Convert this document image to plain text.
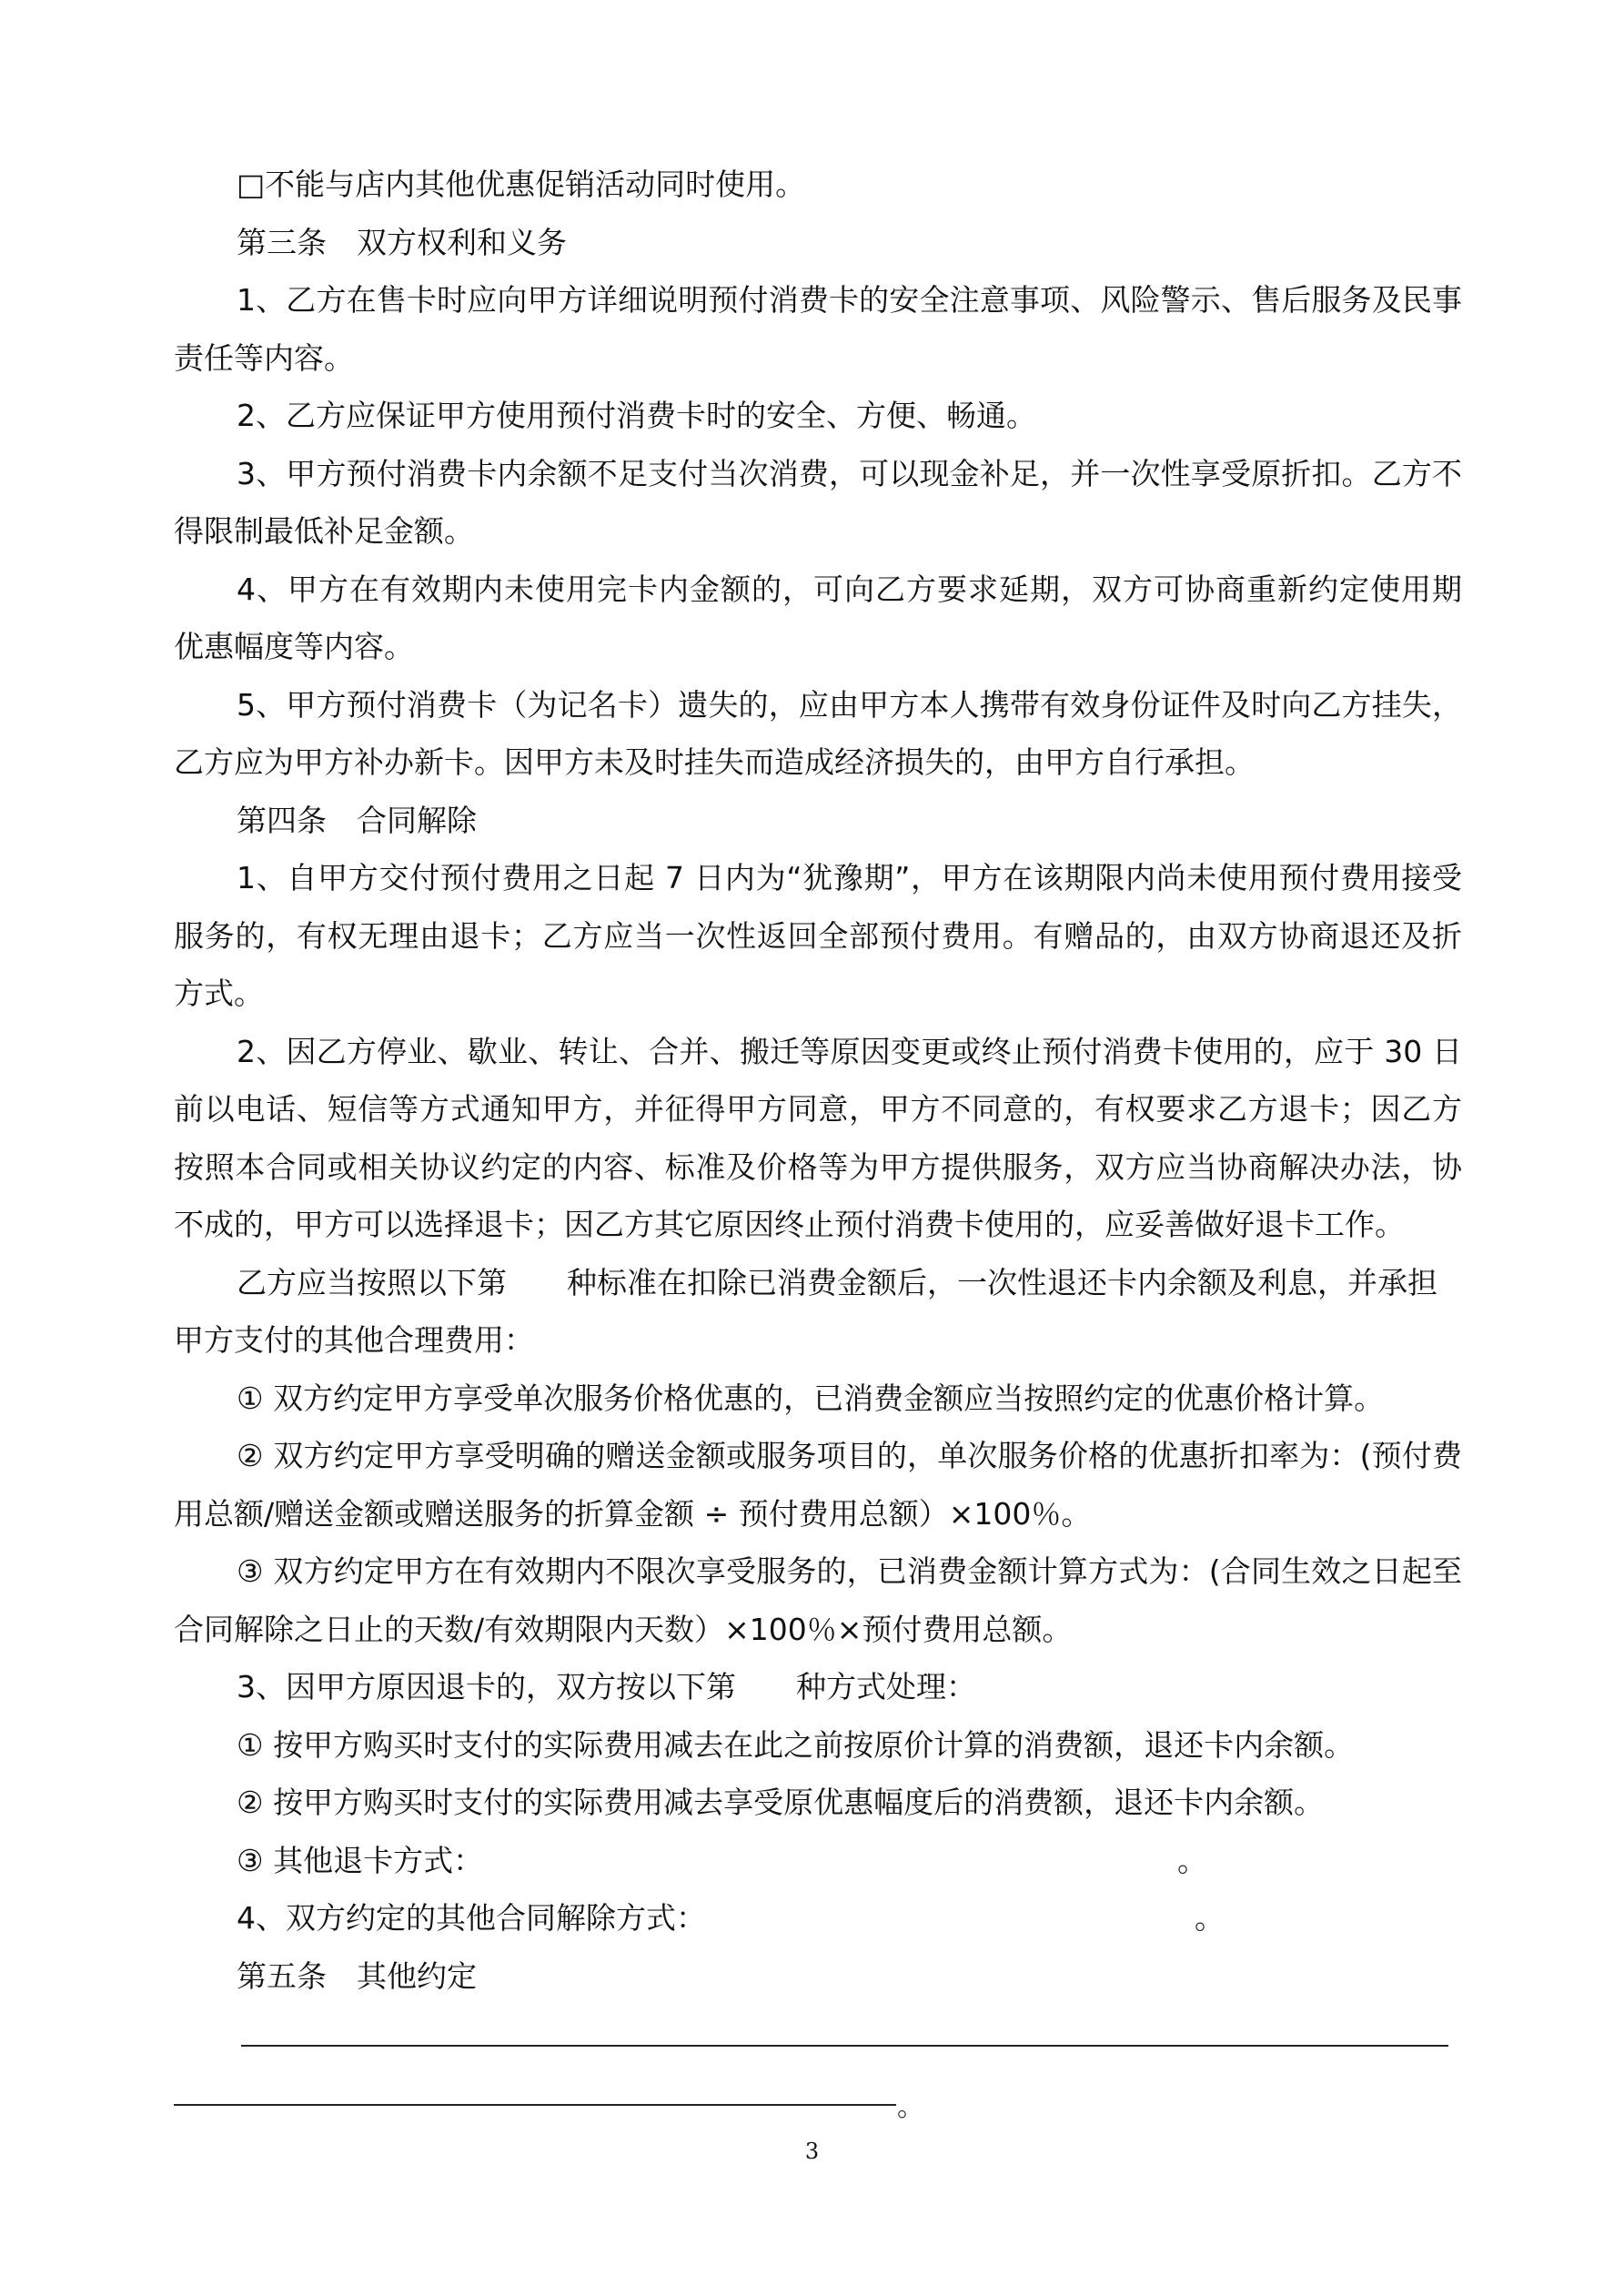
□不能与店内其他优惠促销活动同时使用。
第三条　双方权利和义务
1、乙方在售卡时应向甲方详细说明预付消费卡的安全注意事项、风险警示、售后服务及民事
责任等内容。
2、乙方应保证甲方使用预付消费卡时的安全、方便、畅通。
3、甲方预付消费卡内余额不足支付当次消费，可以现金补足，并一次性享受原折扣。乙方不
得限制最低补足金额。
4、甲方在有效期内未使用完卡内金额的，可向乙方要求延期，双方可协商重新约定使用期
优惠幅度等内容。
5、甲方预付消费卡（为记名卡）遗失的，应由甲方本人携带有效身份证件及时向乙方挂失，
乙方应为甲方补办新卡。因甲方未及时挂失而造成经济损失的，由甲方自行承担。
第四条　合同解除
1、自甲方交付预付费用之日起 7 日内为“犹豫期”，甲方在该期限内尚未使用预付费用接受
服务的，有权无理由退卡；乙方应当一次性返回全部预付费用。有赠品的，由双方协商退还及折
方式。
2、因乙方停业、歇业、转让、合并、搬迁等原因变更或终止预付消费卡使用的，应于 30 日
前以电话、短信等方式通知甲方，并征得甲方同意，甲方不同意的，有权要求乙方退卡；因乙方
按照本合同或相关协议约定的内容、标准及价格等为甲方提供服务，双方应当协商解决办法，协
不成的，甲方可以选择退卡；因乙方其它原因终止预付消费卡使用的，应妥善做好退卡工作。
乙方应当按照以下第 种标准在扣除已消费金额后，一次性退还卡内余额及利息，并承担
甲方支付的其他合理费用：
① 双方约定甲方享受单次服务价格优惠的，已消费金额应当按照约定的优惠价格计算。
② 双方约定甲方享受明确的赠送金额或服务项目的，单次服务价格的优惠折扣率为：(预付费
用总额/赠送金额或赠送服务的折算金额 ÷ 预付费用总额）×100％。
③ 双方约定甲方在有效期内不限次享受服务的，已消费金额计算方式为：(合同生效之日起至
合同解除之日止的天数/有效期限内天数）×100％×预付费用总额。
3、因甲方原因退卡的，双方按以下第 种方式处理：
① 按甲方购买时支付的实际费用减去在此之前按原价计算的消费额，退还卡内余额。
② 按甲方购买时支付的实际费用减去享受原优惠幅度后的消费额，退还卡内余额。
③ 其他退卡方式：	。
4、双方约定的其他合同解除方式：	。
第五条　其他约定
。
3
